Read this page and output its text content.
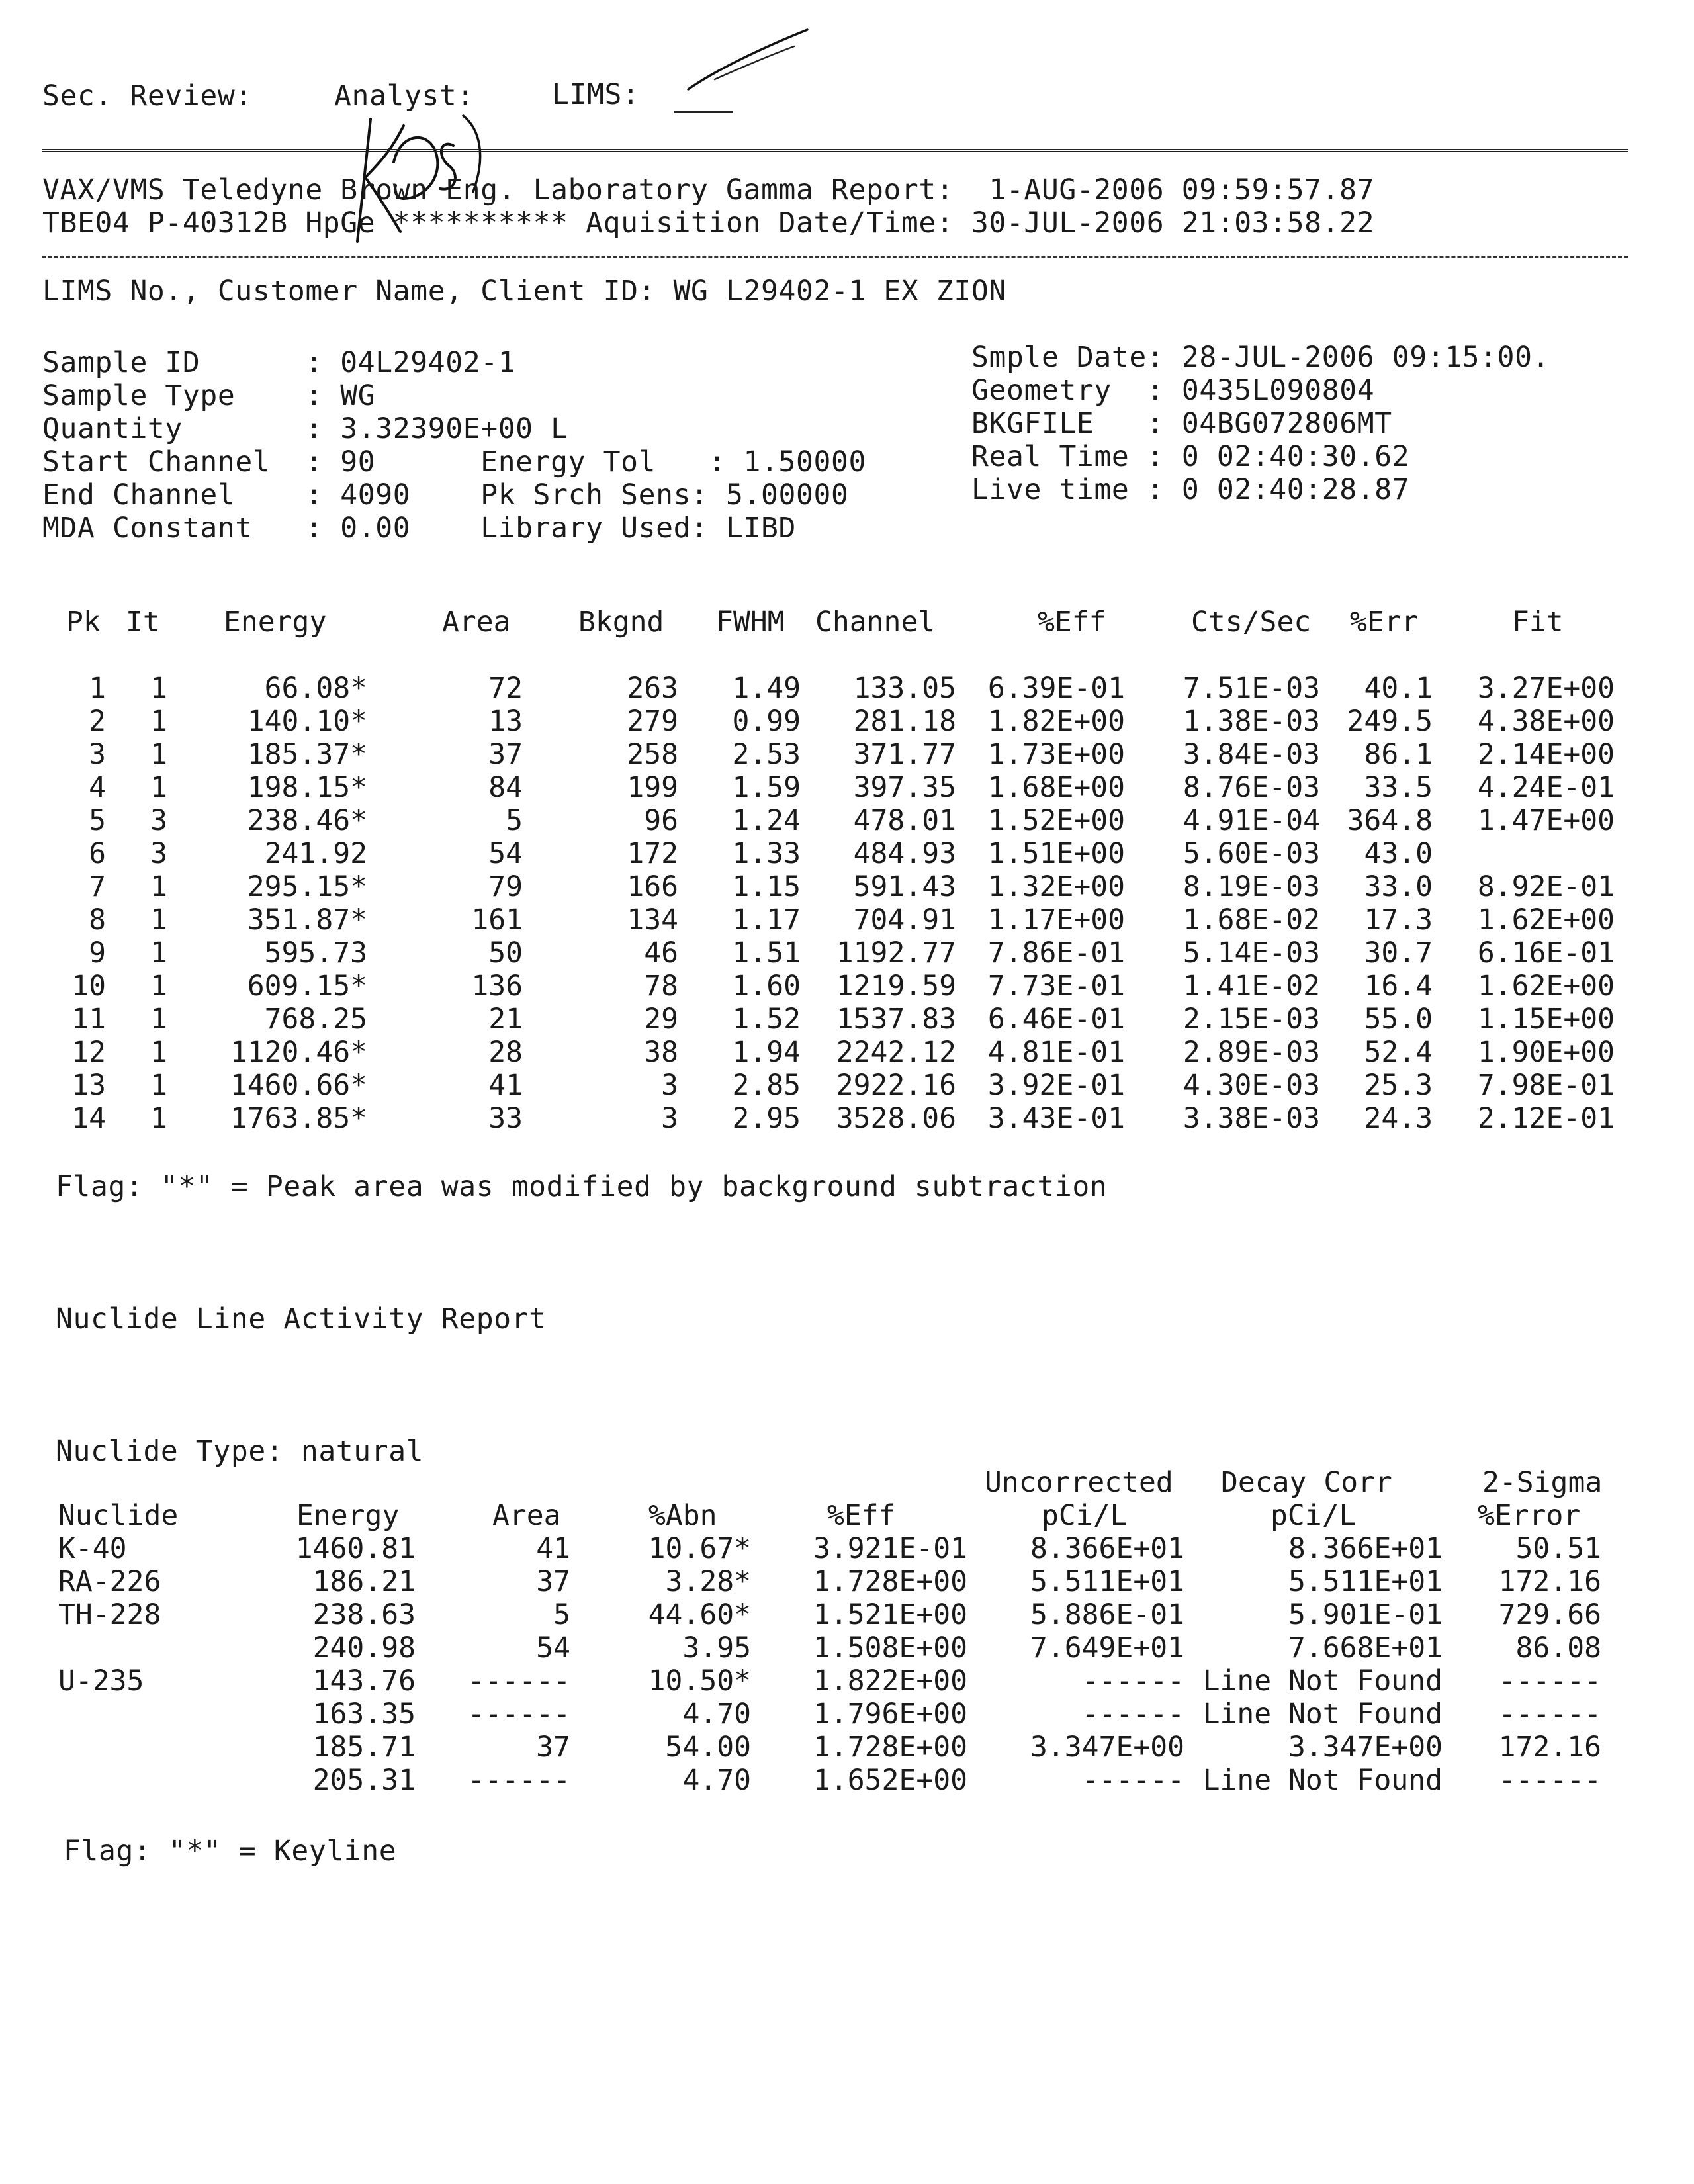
Sec. Review:	Analyst:	LIMS:
VAX/VMS Teledyne Brown Eng. Laboratory Gamma Report:  1-AUG-2006 09:59:57.87
TBE04 P-40312B HpGe ********** Aquisition Date/Time: 30-JUL-2006 21:03:58.22
LIMS No., Customer Name, Client ID: WG L29402-1 EX ZION
Sample ID      : 04L29402-1
Sample Type    : WG
Quantity       : 3.32390E+00 L
Start Channel  : 90      Energy Tol   : 1.50000
End Channel    : 4090    Pk Srch Sens: 5.00000
MDA Constant   : 0.00    Library Used: LIBD
Smple Date: 28-JUL-2006 09:15:00.
Geometry  : 0435L090804
BKGFILE   : 04BG072806MT
Real Time : 0 02:40:30.62
Live time : 0 02:40:28.87
Pk It Energy	Area Bkgnd FWHM Channel	%Eff	Cts/Sec %Err	Fit
1 1	66.08*	72	263 1.49 133.05 6.39E-01 7.51E-03 40.1 3.27E+00
2 1	140.10*	13	279 0.99 281.18 1.82E+00 1.38E-03 249.5 4.38E+00
3 1	185.37*	37	258 2.53 371.77 1.73E+00 3.84E-03 86.1 2.14E+00
4 1	198.15*	84	199 1.59 397.35 1.68E+00 8.76E-03 33.5 4.24E-01
5 3	238.46*	5	96 1.24 478.01 1.52E+00 4.91E-04 364.8 1.47E+00
6 3	241.92	54	172 1.33 484.93 1.51E+00 5.60E-03 43.0
7 1	295.15*	79	166 1.15 591.43 1.32E+00 8.19E-03 33.0 8.92E-01
8 1	351.87*	161	134 1.17 704.91 1.17E+00 1.68E-02 17.3 1.62E+00
9 1	595.73	50	46 1.51 1192.77 7.86E-01 5.14E-03 30.7 6.16E-01
10 1	609.15*	136	78 1.60 1219.59 7.73E-01 1.41E-02 16.4 1.62E+00
11 1	768.25	21	29 1.52 1537.83 6.46E-01 2.15E-03 55.0 1.15E+00
12 1 1120.46*	28	38 1.94 2242.12 4.81E-01 2.89E-03 52.4 1.90E+00
13 1 1460.66*	41	3 2.85 2922.16 3.92E-01 4.30E-03 25.3 7.98E-01
14 1 1763.85*	33	3 2.95 3528.06 3.43E-01 3.38E-03 24.3 2.12E-01
Flag: "*" = Peak area was modified by background subtraction
Nuclide Line Activity Report
Nuclide Type: natural
Uncorrected Decay Corr	2-Sigma
Nuclide	Energy	Area	%Abn	%Eff	pCi/L	pCi/L	%Error
K-40	1460.81	41	10.67* 3.921E-01 8.366E+01	8.366E+01	50.51
RA-226	186.21	37	3.28* 1.728E+00 5.511E+01	5.511E+01 172.16
TH-228	238.63	5	44.60* 1.521E+00 5.886E-01	5.901E-01 729.66
240.98	54	3.95 1.508E+00 7.649E+01	7.668E+01	86.08
U-235	143.76 ------	10.50* 1.822E+00	------ Line Not Found ------
163.35 ------	4.70 1.796E+00	------ Line Not Found ------
185.71	37	54.00 1.728E+00 3.347E+00	3.347E+00 172.16
205.31 ------	4.70 1.652E+00	------ Line Not Found ------
Flag: "*" = Keyline
